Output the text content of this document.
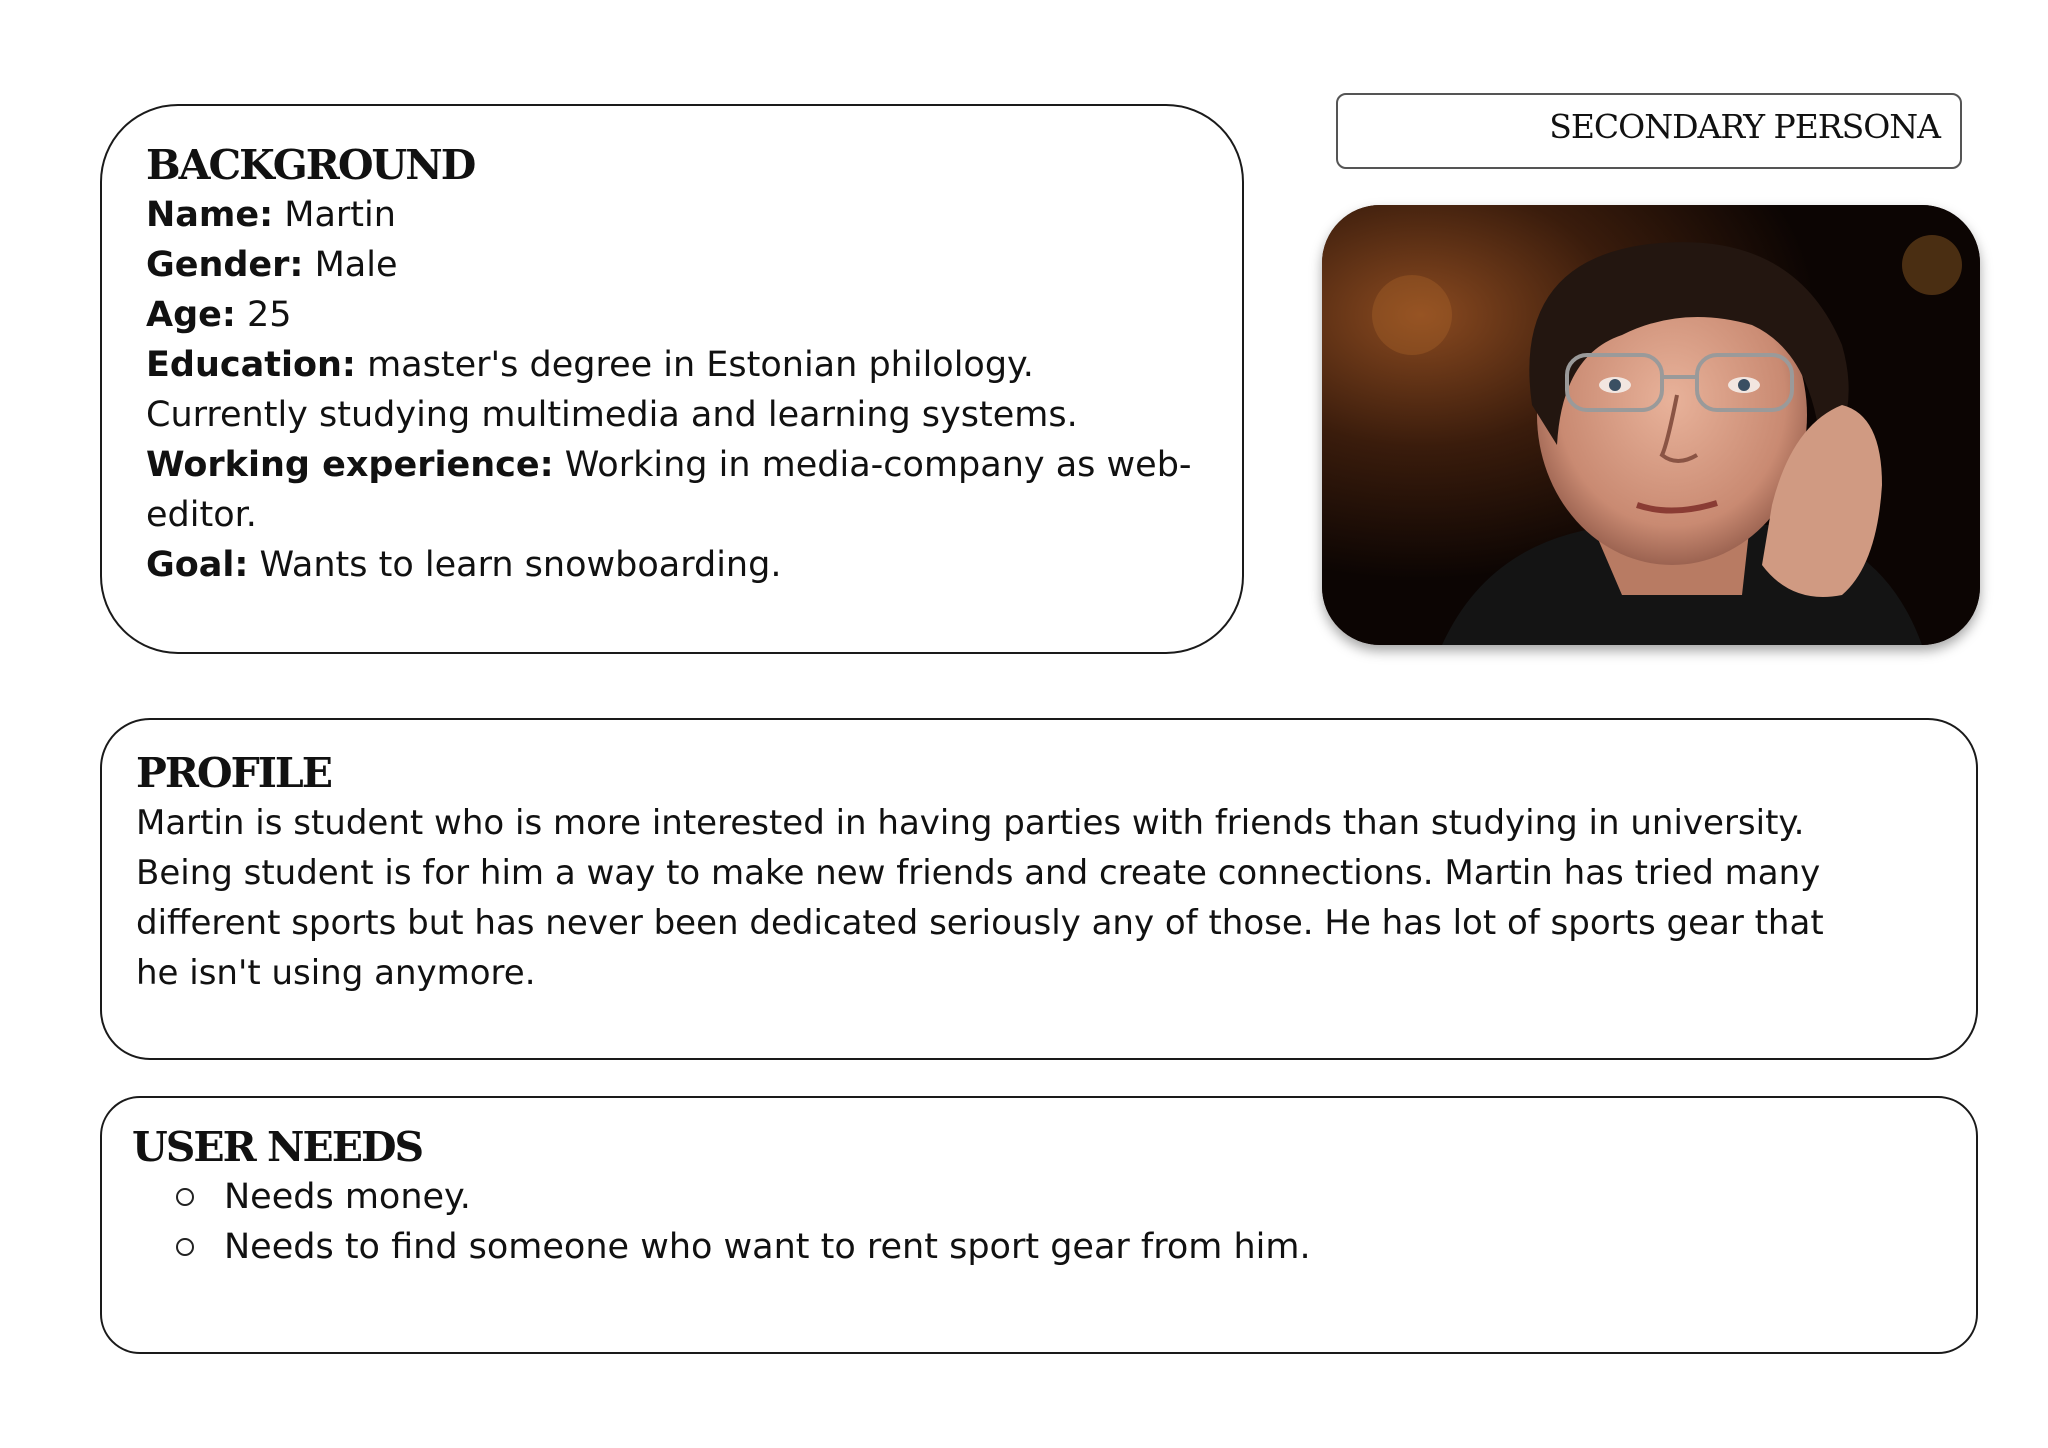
SECONDARY PERSONA
BACKGROUND

Name: Martin

Gender: Male

Age: 25

Education: master's degree in Estonian philology.

Currently studying multimedia and learning systems.

Working experience: Working in media-company as web-

editor.

Goal: Wants to learn snowboarding.

PROFILE

Martin is student who is more interested in having parties with friends than studying in university.

Being student is for him a way to make new friends and create connections. Martin has tried many

different sports but has never been dedicated seriously any of those. He has lot of sports gear that

he isn't using anymore.

USER NEEDS
Needs money.
Needs to find someone who want to rent sport gear from him.
